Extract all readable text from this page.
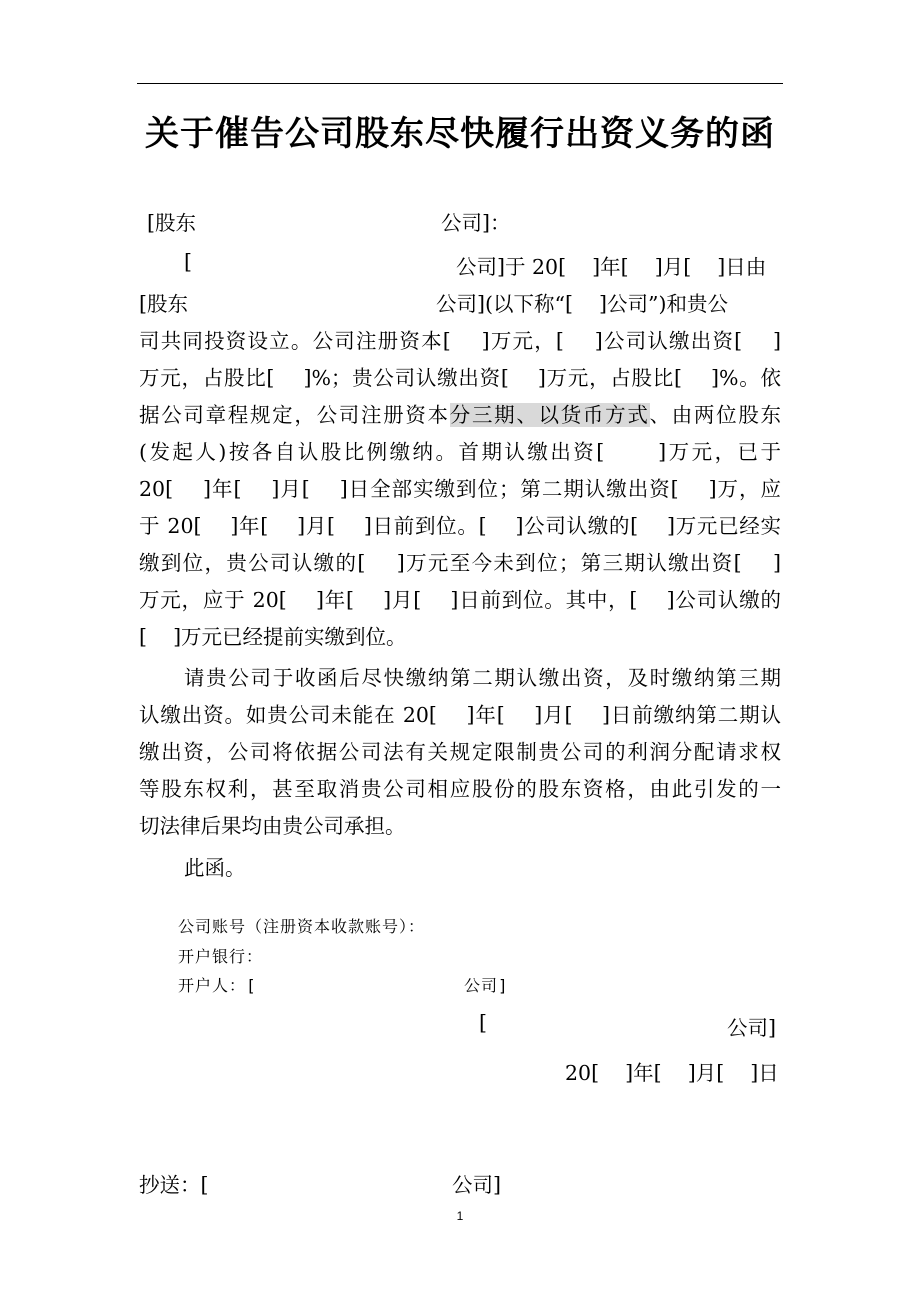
关于催告公司股东尽快履行出资义务的函
[股东	公司]：
[	公司]于 20[    ]年[    ]月[    ]日由
[股东	公司](以下称“[    ]公司”)和贵公
司共同投资设立。公司注册资本[    ]万元，[    ]公司认缴出资[    ]
万元，占股比[    ]%；贵公司认缴出资[    ]万元，占股比[    ]%。依
据公司章程规定，公司注册资本分三期、以货币方式、由两位股东
(发起人)按各自认股比例缴纳。首期认缴出资[      ]万元，已于
20[    ]年[    ]月[    ]日全部实缴到位；第二期认缴出资[    ]万，应
于 20[    ]年[    ]月[    ]日前到位。[    ]公司认缴的[    ]万元已经实
缴到位，贵公司认缴的[    ]万元至今未到位；第三期认缴出资[    ]
万元，应于 20[    ]年[    ]月[    ]日前到位。其中，[    ]公司认缴的
[    ]万元已经提前实缴到位。
请贵公司于收函后尽快缴纳第二期认缴出资，及时缴纳第三期
认缴出资。如贵公司未能在 20[    ]年[    ]月[    ]日前缴纳第二期认
缴出资，公司将依据公司法有关规定限制贵公司的利润分配请求权
等股东权利，甚至取消贵公司相应股份的股东资格，由此引发的一
切法律后果均由贵公司承担。
此函。
公司账号（注册资本收款账号）：
开户银行：
开户人：[	公司]
[	公司]
20[    ]年[    ]月[    ]日
抄送：[	公司]
1
